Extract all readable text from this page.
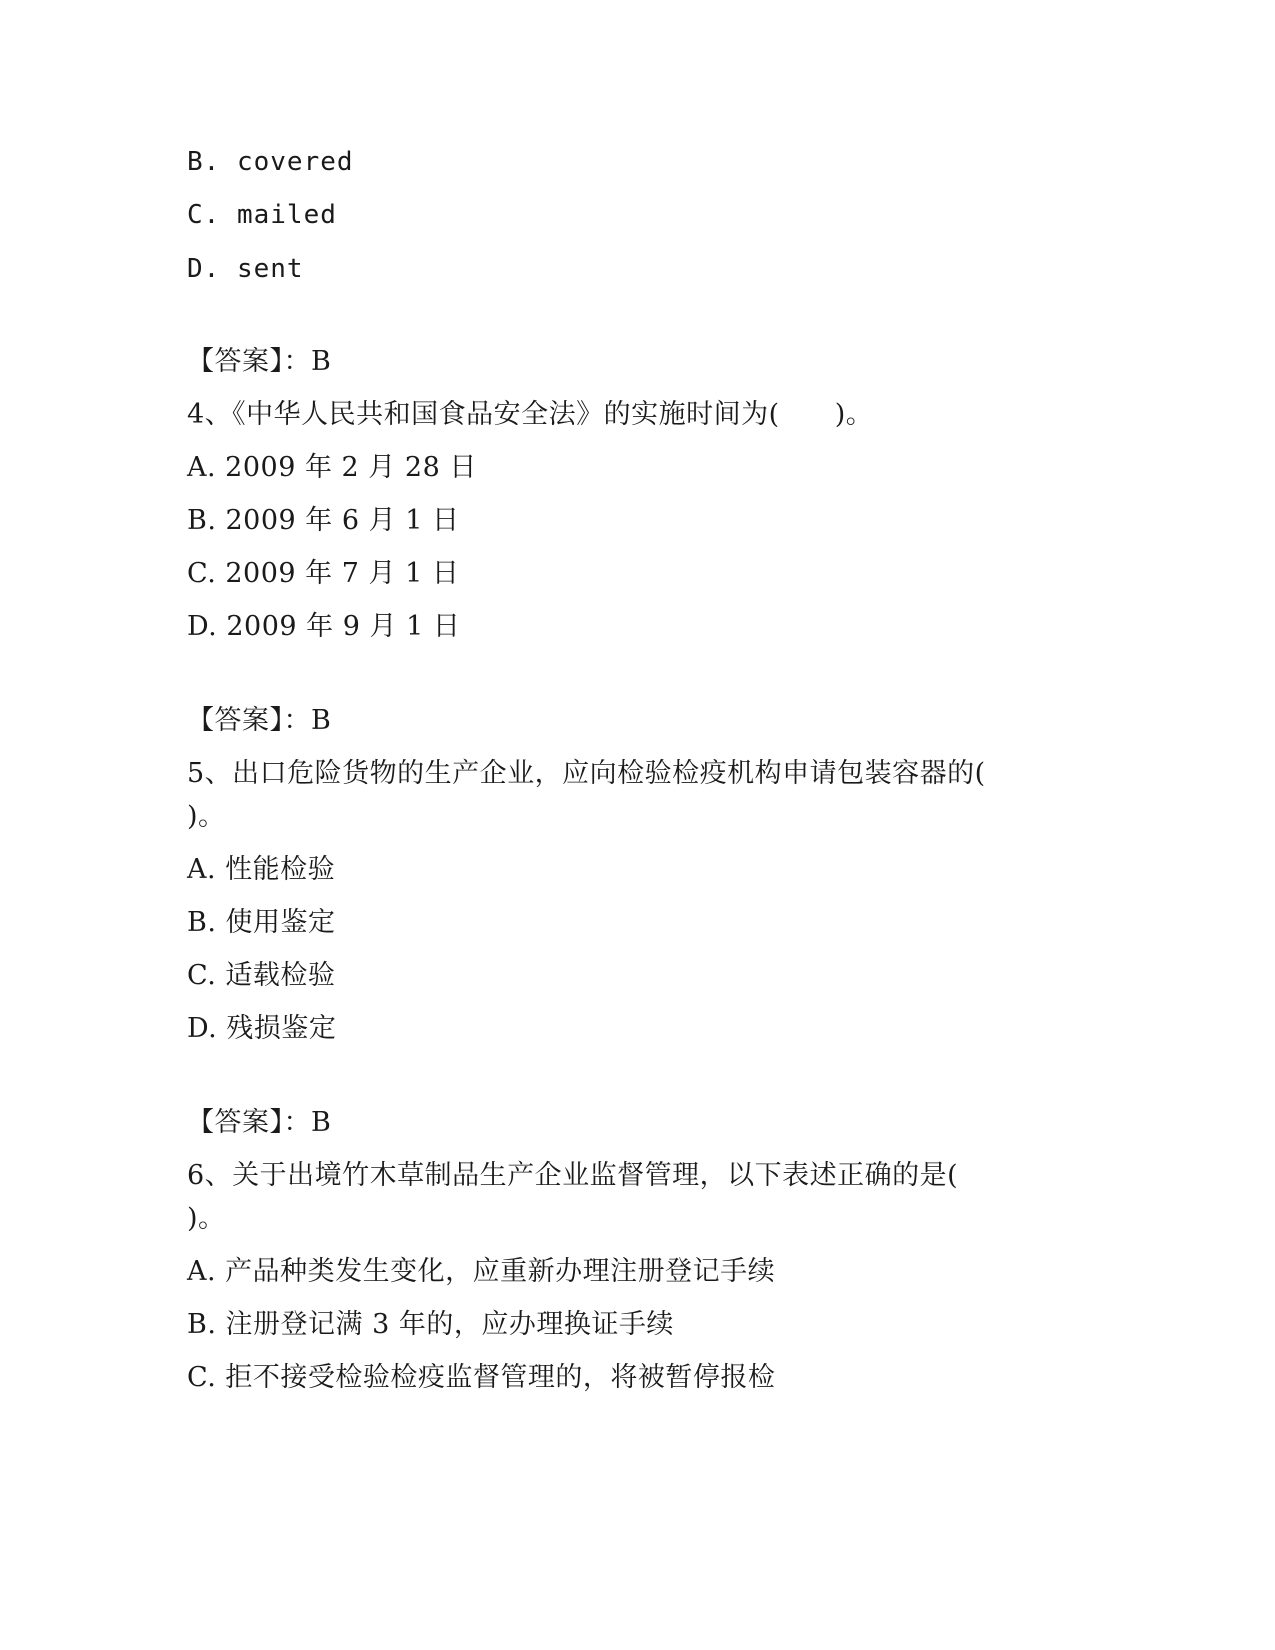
B. covered
C. mailed
D. sent
【答案】：B
4、《中华人民共和国食品安全法》的实施时间为(　　)。
A. 2009 年 2 月 28 日
B. 2009 年 6 月 1 日
C. 2009 年 7 月 1 日
D. 2009 年 9 月 1 日
【答案】：B
5、出口危险货物的生产企业，应向检验检疫机构申请包装容器的(
)。
A. 性能检验
B. 使用鉴定
C. 适载检验
D. 残损鉴定
【答案】：B
6、关于出境竹木草制品生产企业监督管理，以下表述正确的是(
)。
A. 产品种类发生变化，应重新办理注册登记手续
B. 注册登记满 3 年的，应办理换证手续
C. 拒不接受检验检疫监督管理的，将被暂停报检
